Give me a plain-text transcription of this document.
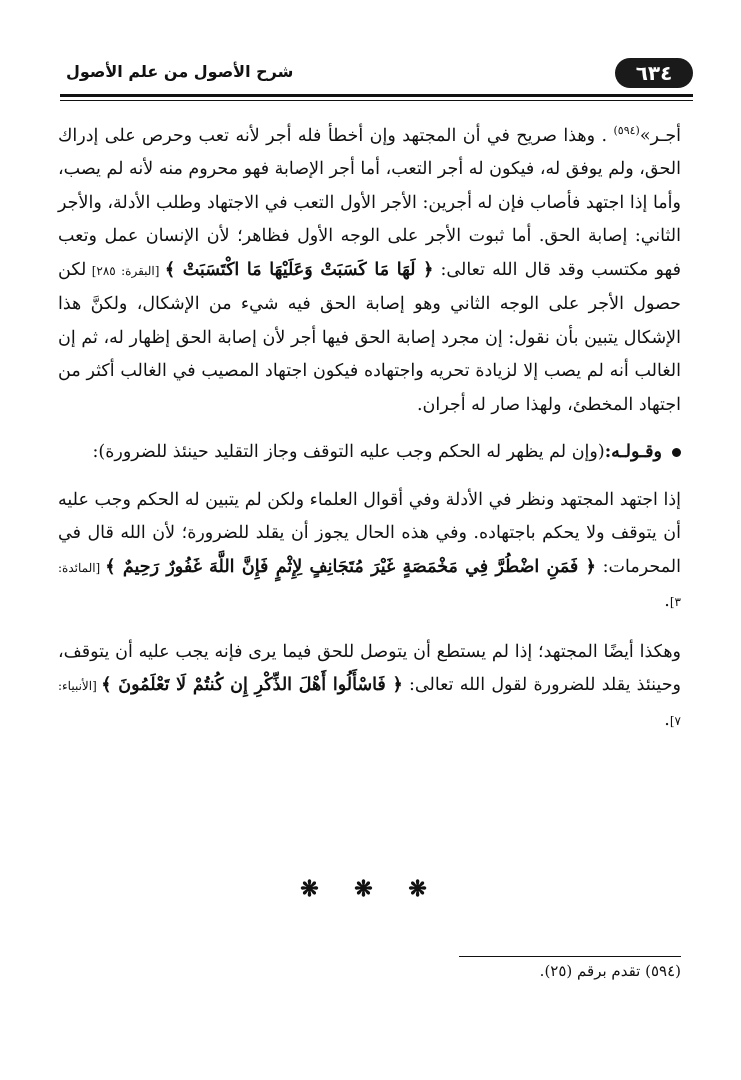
٦٣٤
شرح الأصول من علم الأصول

أجـر»$^{(٥٩٤)}$ . وهذا صريح في أن المجتهد وإن أخطأ فله أجر لأنه تعب وحرص على إدراك الحق، ولم يوفق له، فيكون له أجر التعب، أما أجر الإصابة فهو محروم منه لأنه لم يصب، وأما إذا اجتهد فأصاب فإن له أجرين: الأجر الأول التعب في الاجتهاد وطلب الأدلة، والأجر الثاني: إصابة الحق. أما ثبوت الأجر على الوجه الأول فظاهر؛ لأن الإنسان عمل وتعب فهو مكتسب وقد قال الله تعالى: ﴿ لَهَا مَا كَسَبَتْ وَعَلَيْهَا مَا اكْتَسَبَتْ ﴾ [البقرة: ٢٨٥] لكن حصول الأجر على الوجه الثاني وهو إصابة الحق فيه شيء من الإشكال، ولكنَّ هذا الإشكال يتبين بأن نقول: إن مجرد إصابة الحق فيها أجر لأن إصابة الحق إظهار له، ثم إن الغالب أنه لم يصب إلا لزيادة تحريه واجتهاده فيكون اجتهاد المصيب في الغالب أكثر من اجتهاد المخطئ، ولهذا صار له أجران.

وقـولـه:(وإن لم يظهر له الحكم وجب عليه التوقف وجاز التقليد حينئذ للضرورة):

إذا اجتهد المجتهد ونظر في الأدلة وفي أقوال العلماء ولكن لم يتبين له الحكم وجب عليه أن يتوقف ولا يحكم باجتهاده. وفي هذه الحال يجوز أن يقلد للضرورة؛ لأن الله قال في المحرمات: ﴿ فَمَنِ اضْطُرَّ فِي مَخْمَصَةٍ غَيْرَ مُتَجَانِفٍ لِإِثْمٍ فَإِنَّ اللَّهَ غَفُورٌ رَحِيمٌ ﴾ [المائدة: ٣].

وهكذا أيضًا المجتهد؛ إذا لم يستطع أن يتوصل للحق فيما يرى فإنه يجب عليه أن يتوقف، وحينئذ يقلد للضرورة لقول الله تعالى: ﴿ فَاسْأَلُوا أَهْلَ الذِّكْرِ إِن كُنتُمْ لَا تَعْلَمُونَ ﴾ [الأنبياء: ٧].

❋ ❋ ❋
(٥٩٤) تقدم برقم (٢٥).
